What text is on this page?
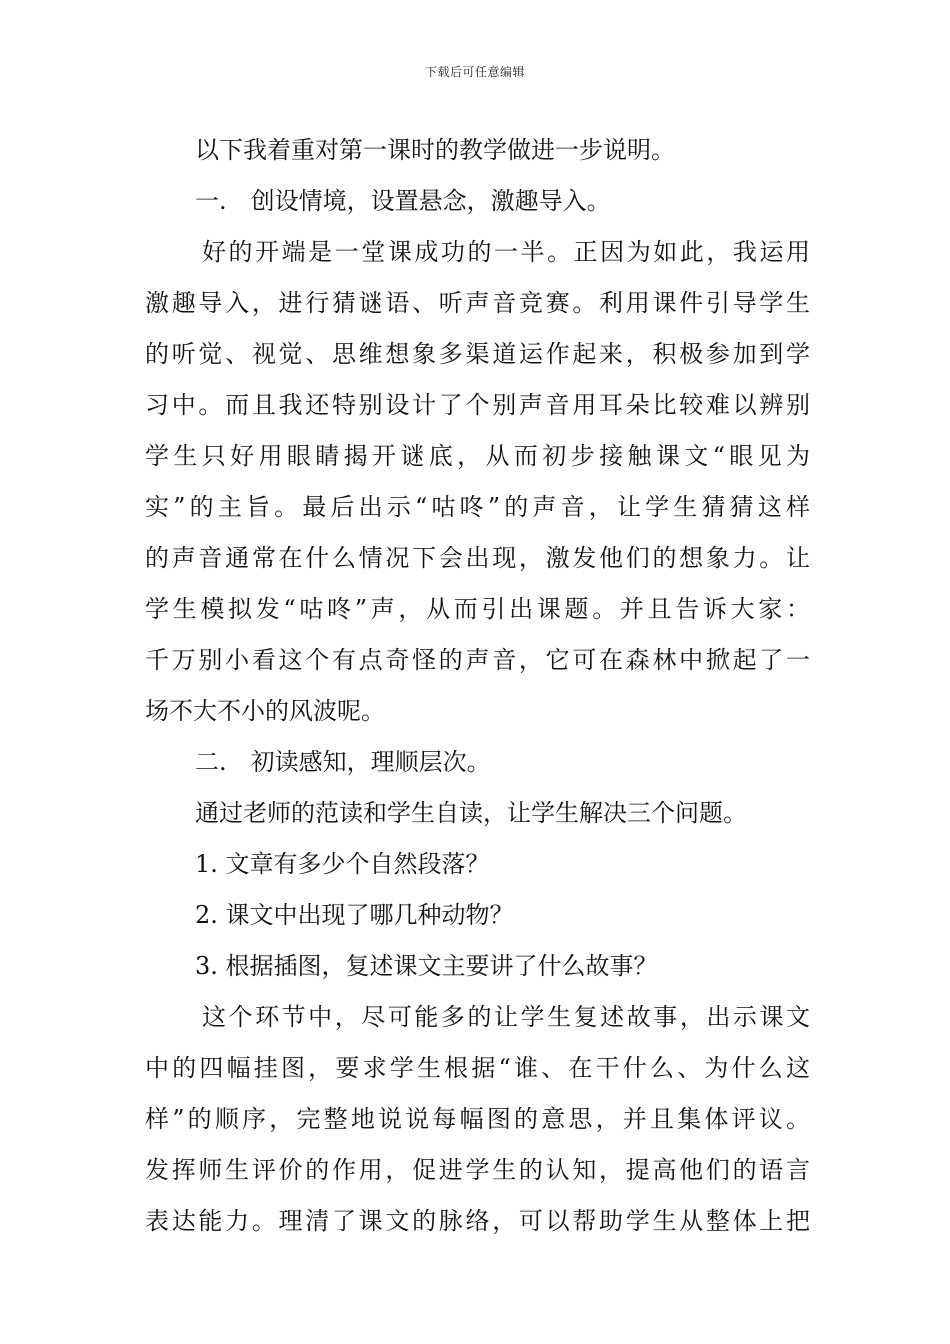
下载后可任意编辑
以下我着重对第一课时的教学做进一步说明。
一.　创设情境，设置悬念，激趣导入。
好的开端是一堂课成功的一半。正因为如此，我运用
激趣导入，进行猜谜语、听声音竞赛。利用课件引导学生
的听觉、视觉、思维想象多渠道运作起来，积极参加到学
习中。而且我还特别设计了个别声音用耳朵比较难以辨别
学生只好用眼睛揭开谜底，从而初步接触课文“眼见为
实”的主旨。最后出示“咕咚”的声音，让学生猜猜这样
的声音通常在什么情况下会出现，激发他们的想象力。让
学生模拟发“咕咚”声，从而引出课题。并且告诉大家：
千万别小看这个有点奇怪的声音，它可在森林中掀起了一
场不大不小的风波呢。
二.　初读感知，理顺层次。
通过老师的范读和学生自读，让学生解决三个问题。
1. 文章有多少个自然段落？
2. 课文中出现了哪几种动物？
3. 根据插图，复述课文主要讲了什么故事？
这个环节中，尽可能多的让学生复述故事，出示课文
中的四幅挂图，要求学生根据“谁、在干什么、为什么这
样”的顺序，完整地说说每幅图的意思，并且集体评议。
发挥师生评价的作用，促进学生的认知，提高他们的语言
表达能力。理清了课文的脉络，可以帮助学生从整体上把
